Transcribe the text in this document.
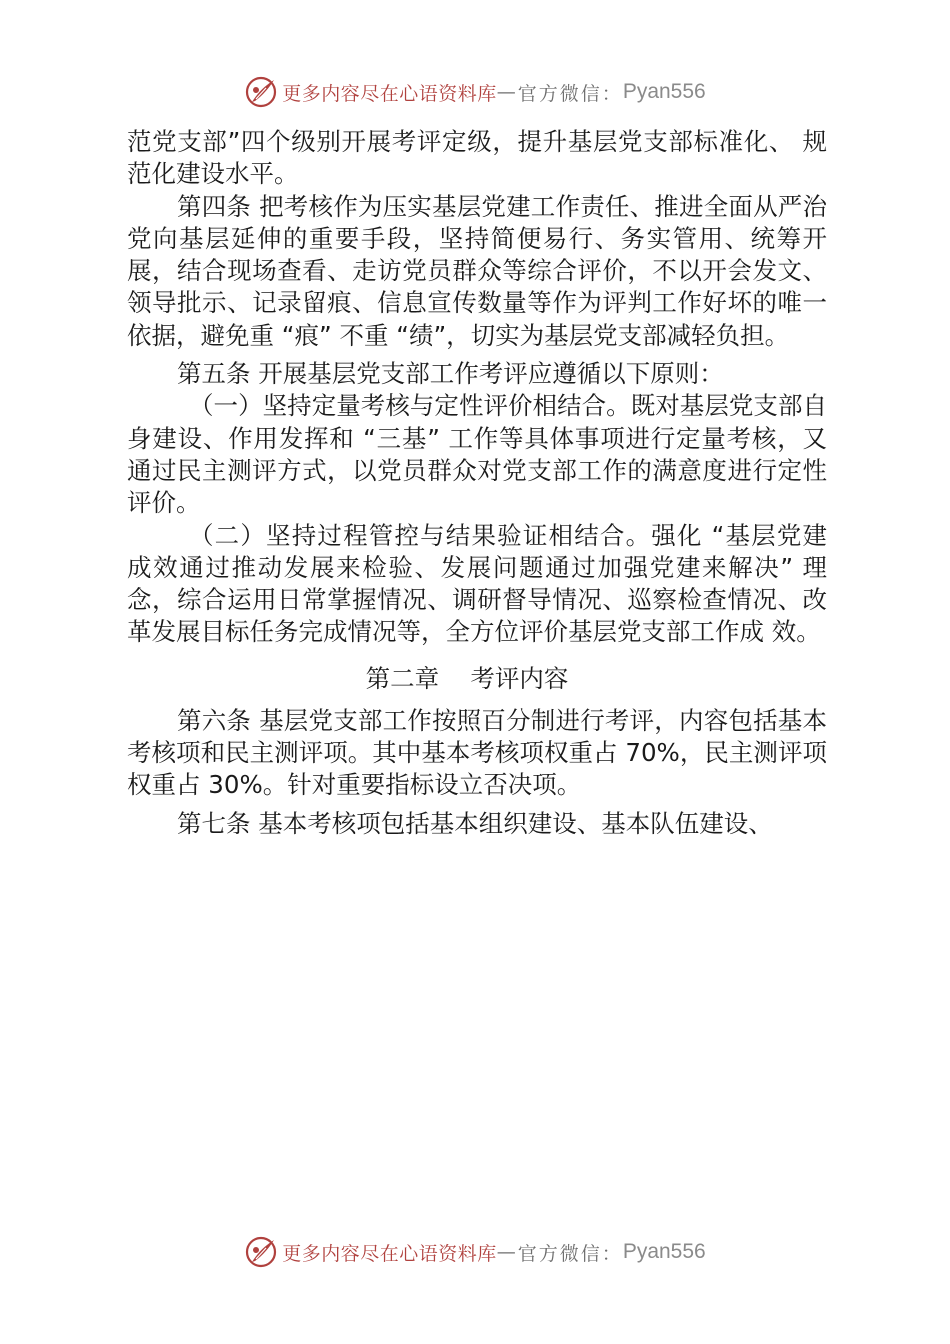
更多内容尽在心语资料库 — 官方微信： Pyan556

范党支部”四个级别开展考评定级，提升基层党支部标准化、 规范化建设水平。

第四条 把考核作为压实基层党建工作责任、推进全面从严治党向基层延伸的重要手段，坚持简便易行、务实管用、统筹开展，结合现场查看、走访党员群众等综合评价，不以开会发文、领导批示、记录留痕、信息宣传数量等作为评判工作好坏的唯一依据，避免重 “痕” 不重 “绩”，切实为基层党支部减轻负担。

第五条 开展基层党支部工作考评应遵循以下原则：

（一）坚持定量考核与定性评价相结合。既对基层党支部自身建设、作用发挥和 “三基” 工作等具体事项进行定量考核，又通过民主测评方式，以党员群众对党支部工作的满意度进行定性评价。

（二）坚持过程管控与结果验证相结合。强化 “基层党建 成效通过推动发展来检验、发展问题通过加强党建来解决” 理念，综合运用日常掌握情况、调研督导情况、巡察检查情况、改革发展目标任务完成情况等，全方位评价基层党支部工作成 效。

第二章    考评内容

第六条 基层党支部工作按照百分制进行考评，内容包括基本考核项和民主测评项。其中基本考核项权重占 70%，民主测评项权重占 30%。针对重要指标设立否决项。

第七条 基本考核项包括基本组织建设、基本队伍建设、

更多内容尽在心语资料库 — 官方微信： Pyan556
